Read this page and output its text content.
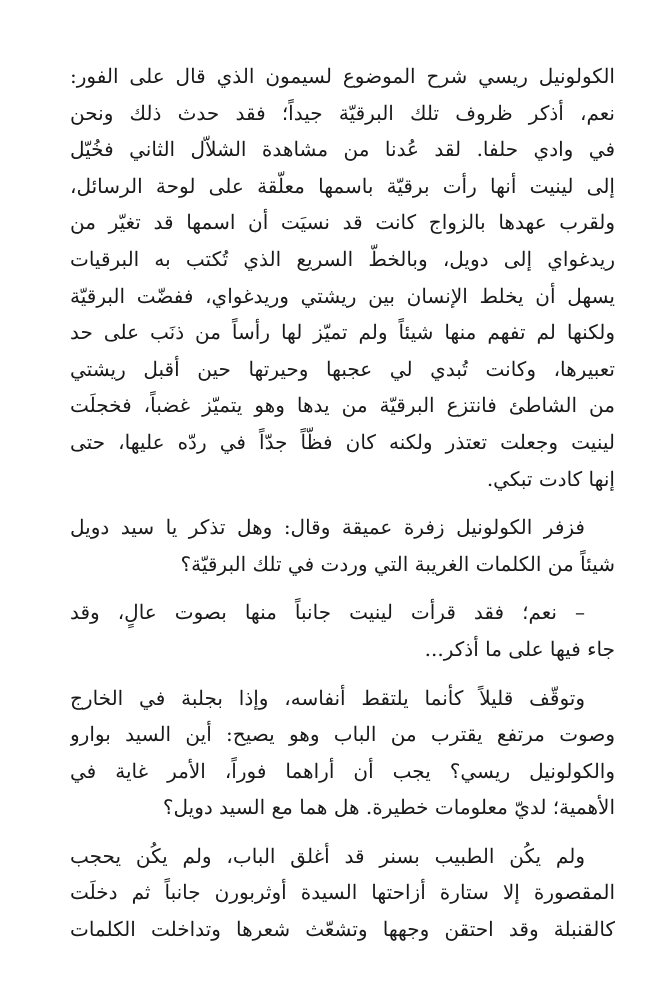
الكولونيل ريسي شرح الموضوع لسيمون الذي قال على الفور:
نعم، أذكر ظروف تلك البرقيّة جيداً؛ فقد حدث ذلك ونحن
في وادي حلفا. لقد عُدنا من مشاهدة الشلاّل الثاني فخُيّل
إلى لينيت أنها رأت برقيّة باسمها معلّقة على لوحة الرسائل،
ولقرب عهدها بالزواج كانت قد نسيَت أن اسمها قد تغيّر من
ريدغواي إلى دويل، وبالخطّ السريع الذي تُكتب به البرقيات
يسهل أن يخلط الإنسان بين ريشتي وريدغواي، ففضّت البرقيّة
ولكنها لم تفهم منها شيئاً ولم تميّز لها رأساً من ذنَب على حد
تعبيرها، وكانت تُبدي لي عجبها وحيرتها حين أقبل ريشتي
من الشاطئ فانتزع البرقيّة من يدها وهو يتميّز غضباً، فخجلَت
لينيت وجعلت تعتذر ولكنه كان فظّاً جدّاً في ردّه عليها، حتى
إنها كادت تبكي.
فزفر الكولونيل زفرة عميقة وقال: وهل تذكر يا سيد دويل
شيئاً من الكلمات الغريبة التي وردت في تلك البرقيّة؟
– نعم؛ فقد قرأت لينيت جانباً منها بصوت عالٍ، وقد
جاء فيها على ما أذكر...
وتوقّف قليلاً كأنما يلتقط أنفاسه، وإذا بجلبة في الخارج
وصوت مرتفع يقترب من الباب وهو يصيح: أين السيد بوارو
والكولونيل ريسي؟ يجب أن أراهما فوراً، الأمر غاية في
الأهمية؛ لديّ معلومات خطيرة. هل هما مع السيد دويل؟
ولم يكُن الطبيب بسنر قد أغلق الباب، ولم يكُن يحجب
المقصورة إلا ستارة أزاحتها السيدة أوثربورن جانباً ثم دخلَت
كالقنبلة وقد احتقن وجهها وتشعّث شعرها وتداخلت الكلمات
